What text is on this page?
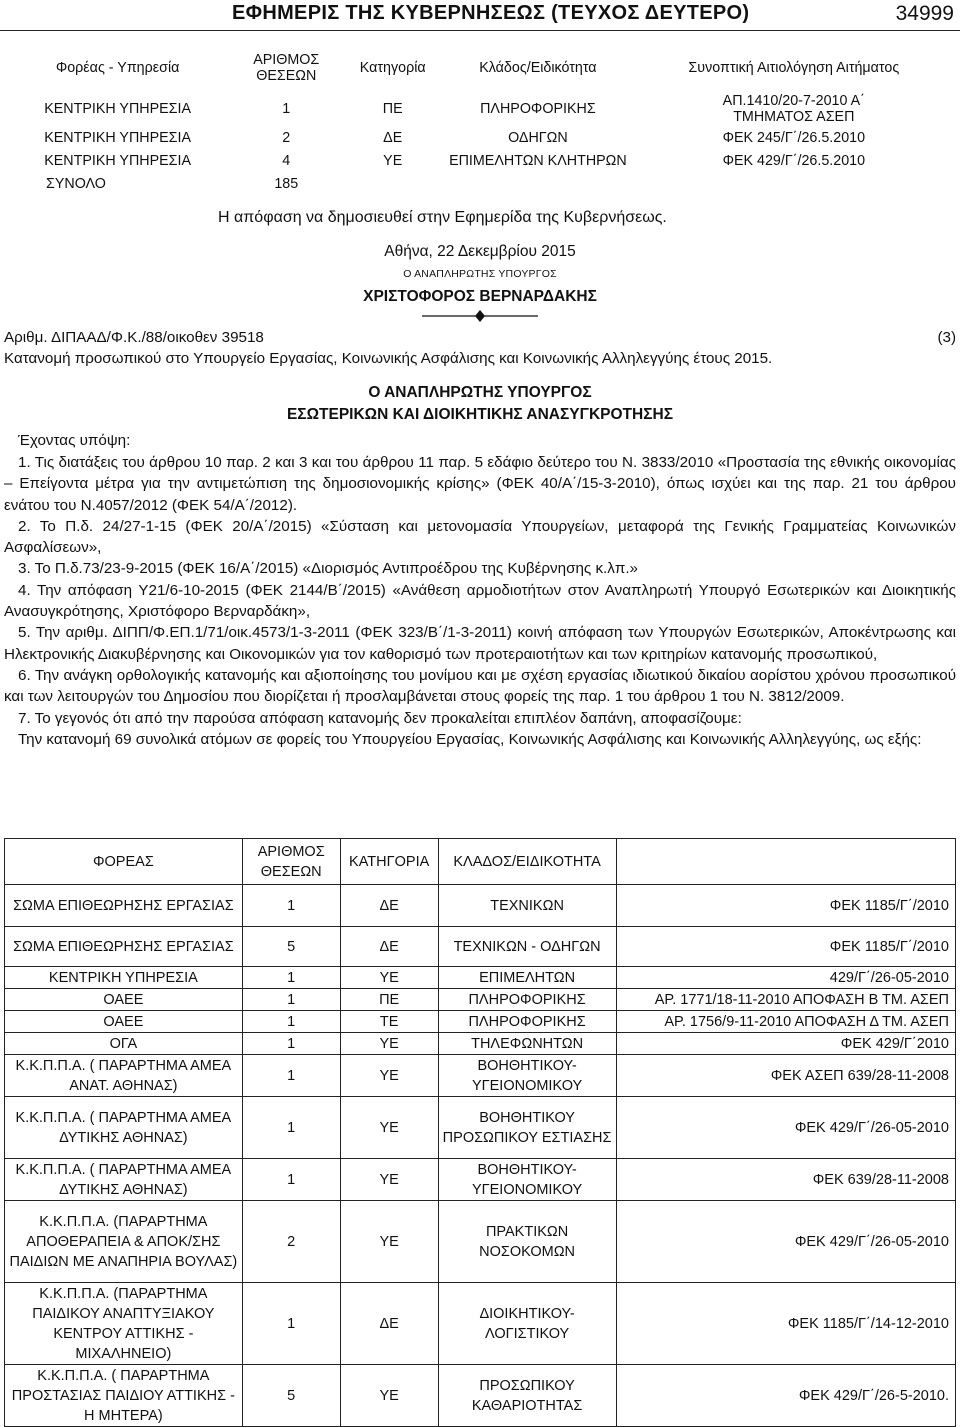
ΕΦΗΜΕΡΙΣ ΤΗΣ ΚΥΒΕΡΝΗΣΕΩΣ (ΤΕΥΧΟΣ ΔΕΥΤΕΡΟ)	34999
Φορέας - Υπηρεσία	ΑΡΙΘΜΟΣ ΘΕΣΕΩΝ	Κατηγορία	Κλάδος/Ειδικότητα	Συνοπτική Αιτιολόγηση Αιτήματος
ΚΕΝΤΡΙΚΗ ΥΠΗΡΕΣΙΑ	1	ΠΕ	ΠΛΗΡΟΦΟΡΙΚΗΣ	ΑΠ.1410/20-7-2010 Α΄ ΤΜΗΜΑΤΟΣ ΑΣΕΠ
ΚΕΝΤΡΙΚΗ ΥΠΗΡΕΣΙΑ	2	ΔΕ	ΟΔΗΓΩΝ	ΦΕΚ 245/Γ΄/26.5.2010
ΚΕΝΤΡΙΚΗ ΥΠΗΡΕΣΙΑ	4	ΥΕ	ΕΠΙΜΕΛΗΤΩΝ ΚΛΗΤΗΡΩΝ	ΦΕΚ 429/Γ΄/26.5.2010
ΣΥΝΟΛΟ	185			
Η απόφαση να δημοσιευθεί στην Εφημερίδα της Κυβερνήσεως.
Αθήνα, 22 Δεκεμβρίου 2015
Ο ΑΝΑΠΛΗΡΩΤΗΣ ΥΠΟΥΡΓΟΣ
ΧΡΙΣΤΟΦΟΡΟΣ ΒΕΡΝΑΡΔΑΚΗΣ
Αριθμ. ΔΙΠΑΑΔ/Φ.Κ./88/οικοθεν 39518	(3)
Κατανομή προσωπικού στο Υπουργείο Εργασίας, Κοινωνικής Ασφάλισης και Κοινωνικής Αλληλεγγύης έτους 2015.
Ο ΑΝΑΠΛΗΡΩΤΗΣ ΥΠΟΥΡΓΟΣ
ΕΣΩΤΕΡΙΚΩΝ ΚΑΙ ΔΙΟΙΚΗΤΙΚΗΣ ΑΝΑΣΥΓΚΡΟΤΗΣΗΣ
Έχοντας υπόψη:

1. Τις διατάξεις του άρθρου 10 παρ. 2 και 3 και του άρθρου 11 παρ. 5 εδάφιο δεύτερο του Ν. 3833/2010 «Προστασία της εθνικής οικονομίας – Επείγοντα μέτρα για την αντιμετώπιση της δημοσιονομικής κρίσης» (ΦΕΚ 40/Α΄/15-3-2010), όπως ισχύει και της παρ. 21 του άρθρου ενάτου του Ν.4057/2012 (ΦΕΚ 54/Α΄/2012).

2. Το Π.δ. 24/27-1-15 (ΦΕΚ 20/Α΄/2015) «Σύσταση και μετονομασία Υπουργείων, μεταφορά της Γενικής Γραμματείας Κοινωνικών Ασφαλίσεων»,

3. Το Π.δ.73/23-9-2015 (ΦΕΚ 16/Α΄/2015) «Διορισμός Αντιπροέδρου της Κυβέρνησης κ.λπ.»

4. Την απόφαση Υ21/6-10-2015 (ΦΕΚ 2144/Β΄/2015) «Ανάθεση αρμοδιοτήτων στον Αναπληρωτή Υπουργό Εσωτερικών και Διοικητικής Ανασυγκρότησης, Χριστόφορο Βερναρδάκη»,

5. Την αριθμ. ΔΙΠΠ/Φ.ΕΠ.1/71/οικ.4573/1-3-2011 (ΦΕΚ 323/Β΄/1-3-2011) κοινή απόφαση των Υπουργών Εσωτερικών, Αποκέντρωσης και Ηλεκτρονικής Διακυβέρνησης και Οικονομικών για τον καθορισμό των προτεραιοτήτων και των κριτηρίων κατανομής προσωπικού,

6. Την ανάγκη ορθολογικής κατανομής και αξιοποίησης του μονίμου και με σχέση εργασίας ιδιωτικού δικαίου αορίστου χρόνου προσωπικού και των λειτουργών του Δημοσίου που διορίζεται ή προσλαμβάνεται στους φορείς της παρ. 1 του άρθρου 1 του Ν. 3812/2009.

7. Το γεγονός ότι από την παρούσα απόφαση κατανομής δεν προκαλείται επιπλέον δαπάνη, αποφασίζουμε:

Την κατανομή 69 συνολικά ατόμων σε φορείς του Υπουργείου Εργασίας, Κοινωνικής Ασφάλισης και Κοινωνικής Αλληλεγγύης, ως εξής:

ΦΟΡΕΑΣ	ΑΡΙΘΜΟΣ ΘΕΣΕΩΝ	ΚΑΤΗΓΟΡΙΑ	ΚΛΑΔΟΣ/ΕΙΔΙΚΟΤΗΤΑ	
ΣΩΜΑ ΕΠΙΘΕΩΡΗΣΗΣ ΕΡΓΑΣΙΑΣ	1	ΔΕ	ΤΕΧΝΙΚΩΝ	ΦΕΚ 1185/Γ΄/2010
ΣΩΜΑ ΕΠΙΘΕΩΡΗΣΗΣ ΕΡΓΑΣΙΑΣ	5	ΔΕ	ΤΕΧΝΙΚΩΝ - ΟΔΗΓΩΝ	ΦΕΚ 1185/Γ΄/2010
ΚΕΝΤΡΙΚΗ ΥΠΗΡΕΣΙΑ	1	ΥΕ	ΕΠΙΜΕΛΗΤΩΝ	429/Γ΄/26-05-2010
ΟΑΕΕ	1	ΠΕ	ΠΛΗΡΟΦΟΡΙΚΗΣ	ΑΡ. 1771/18-11-2010 ΑΠΟΦΑΣΗ Β ΤΜ. ΑΣΕΠ
ΟΑΕΕ	1	ΤΕ	ΠΛΗΡΟΦΟΡΙΚΗΣ	ΑΡ. 1756/9-11-2010 ΑΠΟΦΑΣΗ Δ ΤΜ. ΑΣΕΠ
ΟΓΑ	1	ΥΕ	ΤΗΛΕΦΩΝΗΤΩΝ	ΦΕΚ 429/Γ΄2010
Κ.Κ.Π.Π.Α. ( ΠΑΡΑΡΤΗΜΑ ΑΜΕΑ ΑΝΑΤ. ΑΘΗΝΑΣ)	1	ΥΕ	ΒΟΗΘΗΤΙΚΟΥ- ΥΓΕΙΟΝΟΜΙΚΟΥ	ΦΕΚ ΑΣΕΠ 639/28-11-2008
Κ.Κ.Π.Π.Α. ( ΠΑΡΑΡΤΗΜΑ ΑΜΕΑ ΔΥΤΙΚΗΣ ΑΘΗΝΑΣ)	1	ΥΕ	ΒΟΗΘΗΤΙΚΟΥ ΠΡΟΣΩΠΙΚΟΥ ΕΣΤΙΑΣΗΣ	ΦΕΚ 429/Γ΄/26-05-2010
Κ.Κ.Π.Π.Α. ( ΠΑΡΑΡΤΗΜΑ ΑΜΕΑ ΔΥΤΙΚΗΣ ΑΘΗΝΑΣ)	1	ΥΕ	ΒΟΗΘΗΤΙΚΟΥ- ΥΓΕΙΟΝΟΜΙΚΟΥ	ΦΕΚ 639/28-11-2008
Κ.Κ.Π.Π.Α. (ΠΑΡΑΡΤΗΜΑ ΑΠΟΘΕΡΑΠΕΙΑ & ΑΠΟΚ/ΣΗΣ ΠΑΙΔΙΩΝ ΜΕ ΑΝΑΠΗΡΙΑ ΒΟΥΛΑΣ)	2	ΥΕ	ΠΡΑΚΤΙΚΩΝ ΝΟΣΟΚΟΜΩΝ	ΦΕΚ 429/Γ΄/26-05-2010
Κ.Κ.Π.Π.Α. (ΠΑΡΑΡΤΗΜΑ ΠΑΙΔΙΚΟΥ ΑΝΑΠΤΥΞΙΑΚΟΥ ΚΕΝΤΡΟΥ ΑΤΤΙΚΗΣ - ΜΙΧΑΛΗΝΕΙΟ)	1	ΔΕ	ΔΙΟΙΚΗΤΙΚΟΥ- ΛΟΓΙΣΤΙΚΟΥ	ΦΕΚ 1185/Γ΄/14-12-2010
Κ.Κ.Π.Π.Α. ( ΠΑΡΑΡΤΗΜΑ ΠΡΟΣΤΑΣΙΑΣ ΠΑΙΔΙΟΥ ΑΤΤΙΚΗΣ - Η ΜΗΤΕΡΑ)	5	ΥΕ	ΠΡΟΣΩΠΙΚΟΥ ΚΑΘΑΡΙΟΤΗΤΑΣ	ΦΕΚ 429/Γ΄/26-5-2010.
